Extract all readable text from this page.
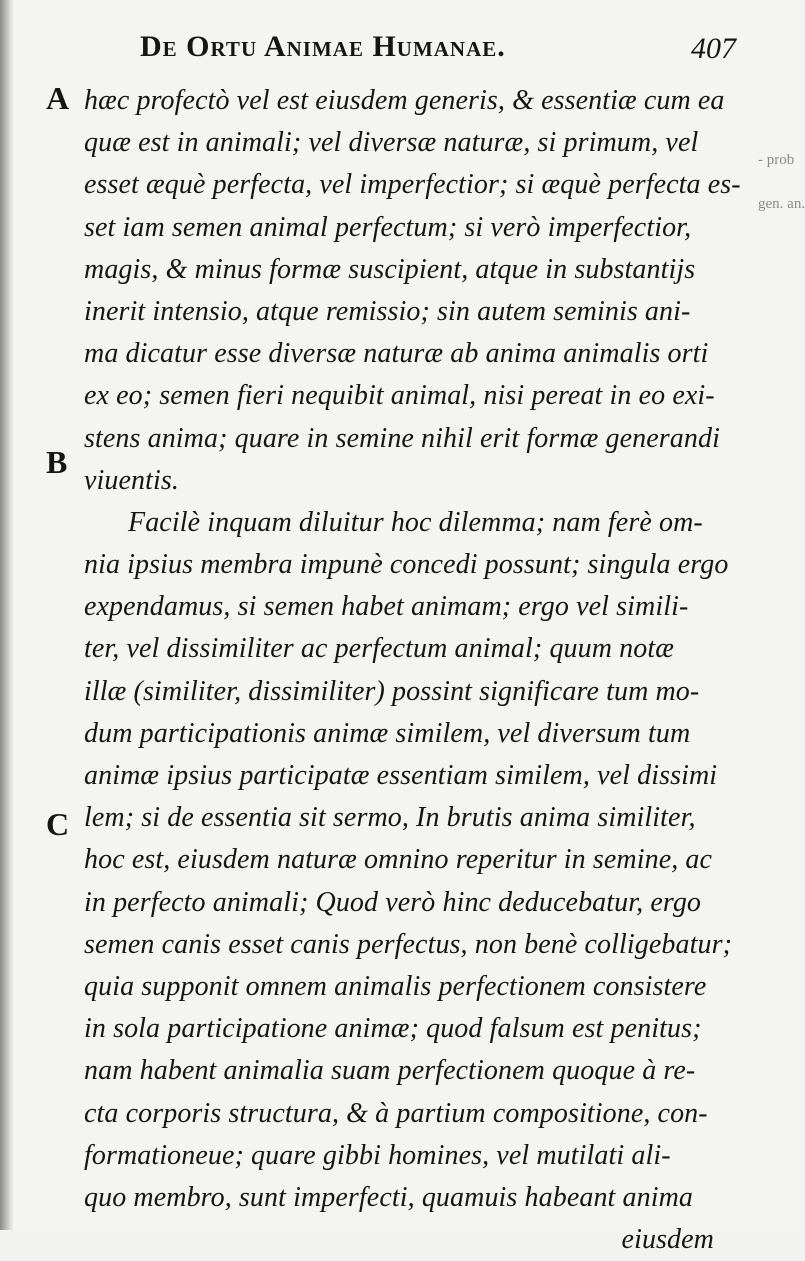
De Ortu Animae Humanae.	407
- prob
gen. an.
A
B
C
hæc profectò vel est eiusdem generis, & essentiæ cum ea
quæ est in animali; vel diversæ naturæ, si primum, vel
esset æquè perfecta, vel imperfectior; si æquè perfecta es-
set iam semen animal perfectum; si verò imperfectior,
magis, & minus formæ suscipient, atque in substantijs
inerit intensio, atque remissio; sin autem seminis ani-
ma dicatur esse diversæ naturæ ab anima animalis orti
ex eo; semen fieri nequibit animal, nisi pereat in eo exi-
stens anima; quare in semine nihil erit formæ generandi
viuentis.
Facilè inquam diluitur hoc dilemma; nam ferè om-
nia ipsius membra impunè concedi possunt; singula ergo
expendamus, si semen habet animam; ergo vel simili-
ter, vel dissimiliter ac perfectum animal; quum notæ
illæ (similiter, dissimiliter) possint significare tum mo-
dum participationis animæ similem, vel diversum tum
animæ ipsius participatæ essentiam similem, vel dissimi
lem; si de essentia sit sermo, In brutis anima similiter,
hoc est, eiusdem naturæ omnino reperitur in semine, ac
in perfecto animali; Quod verò hinc deducebatur, ergo
semen canis esset canis perfectus, non benè colligebatur;
quia supponit omnem animalis perfectionem consistere
in sola participatione animæ; quod falsum est penitus;
nam habent animalia suam perfectionem quoque à re-
cta corporis structura, & à partium compositione, con-
formationeue; quare gibbi homines, vel mutilati ali-
quo membro, sunt imperfecti, quamuis habeant anima
eiusdem
